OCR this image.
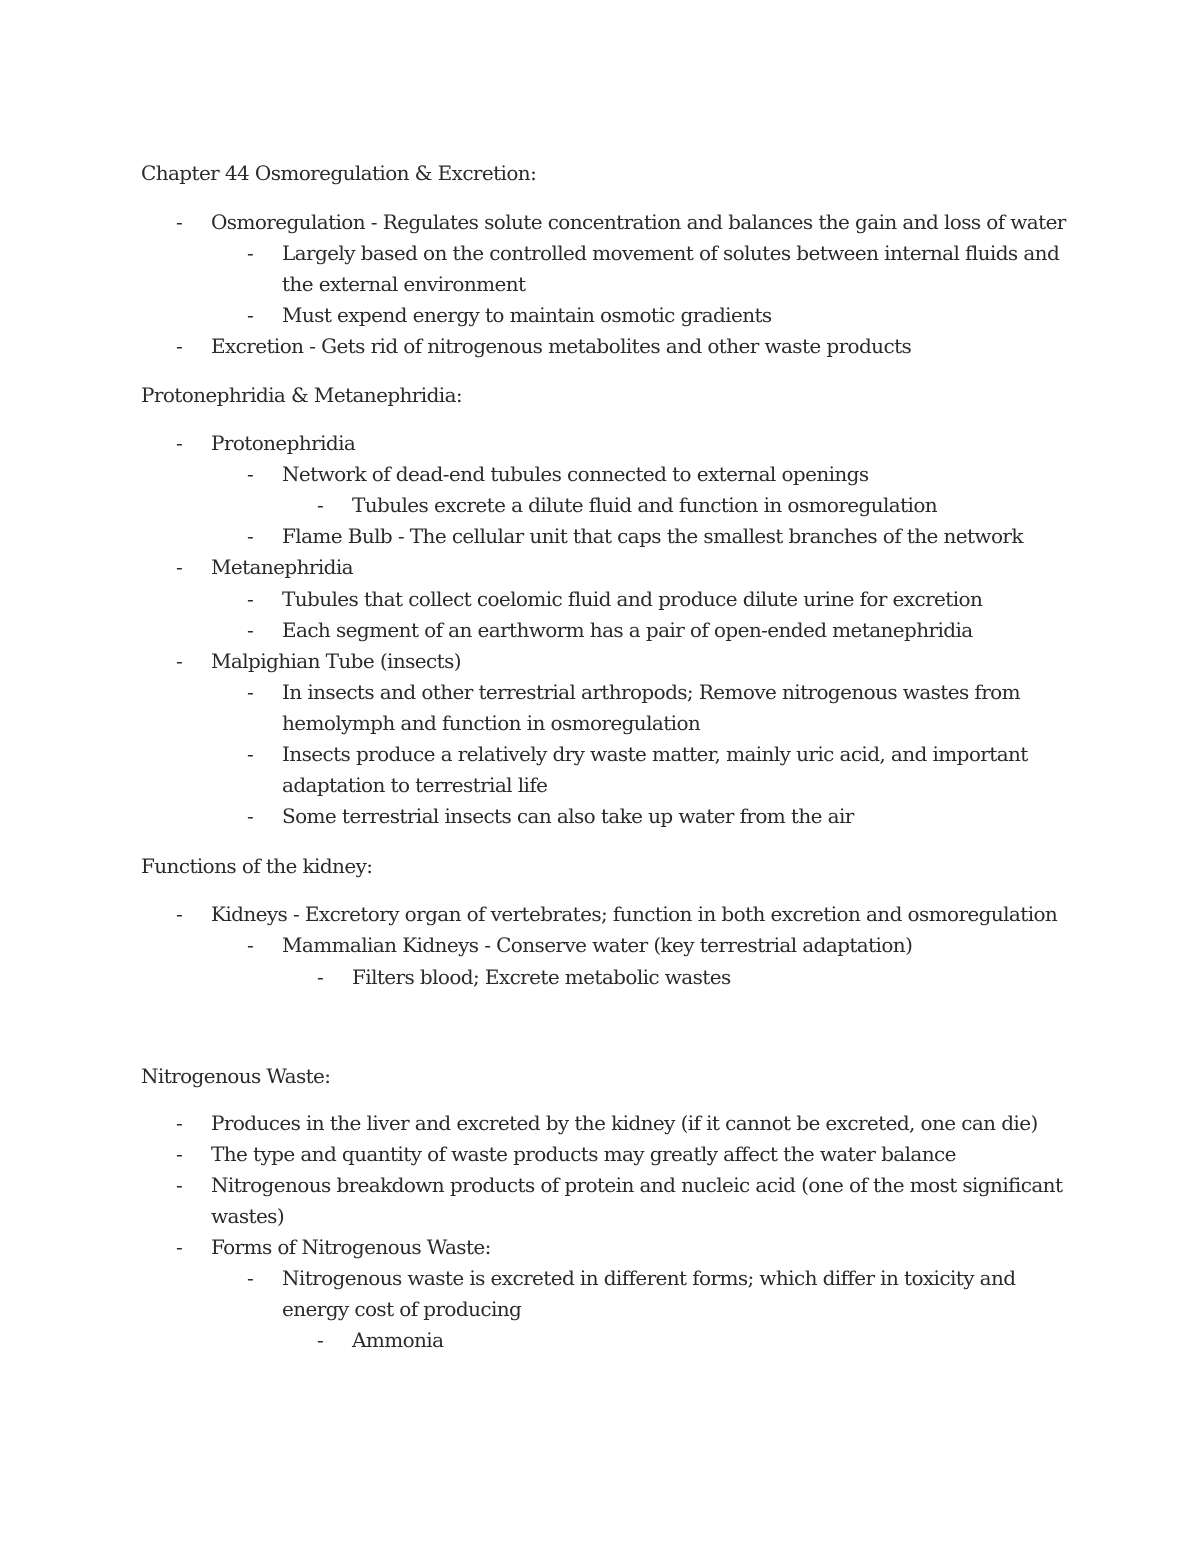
Chapter 44 Osmoregulation & Excretion:
- Osmoregulation - Regulates solute concentration and balances the gain and loss of water
- Largely based on the controlled movement of solutes between internal fluids and
the external environment
- Must expend energy to maintain osmotic gradients
- Excretion - Gets rid of nitrogenous metabolites and other waste products
Protonephridia & Metanephridia:
- Protonephridia
- Network of dead-end tubules connected to external openings
- Tubules excrete a dilute fluid and function in osmoregulation
- Flame Bulb - The cellular unit that caps the smallest branches of the network
- Metanephridia
- Tubules that collect coelomic fluid and produce dilute urine for excretion
- Each segment of an earthworm has a pair of open-ended metanephridia
- Malpighian Tube (insects)
- In insects and other terrestrial arthropods; Remove nitrogenous wastes from
hemolymph and function in osmoregulation
- Insects produce a relatively dry waste matter, mainly uric acid, and important
adaptation to terrestrial life
- Some terrestrial insects can also take up water from the air
Functions of the kidney:
- Kidneys - Excretory organ of vertebrates; function in both excretion and osmoregulation
- Mammalian Kidneys - Conserve water (key terrestrial adaptation)
- Filters blood; Excrete metabolic wastes
Nitrogenous Waste:
- Produces in the liver and excreted by the kidney (if it cannot be excreted, one can die)
- The type and quantity of waste products may greatly affect the water balance
- Nitrogenous breakdown products of protein and nucleic acid (one of the most significant
wastes)
- Forms of Nitrogenous Waste:
- Nitrogenous waste is excreted in different forms; which differ in toxicity and
energy cost of producing
- Ammonia
